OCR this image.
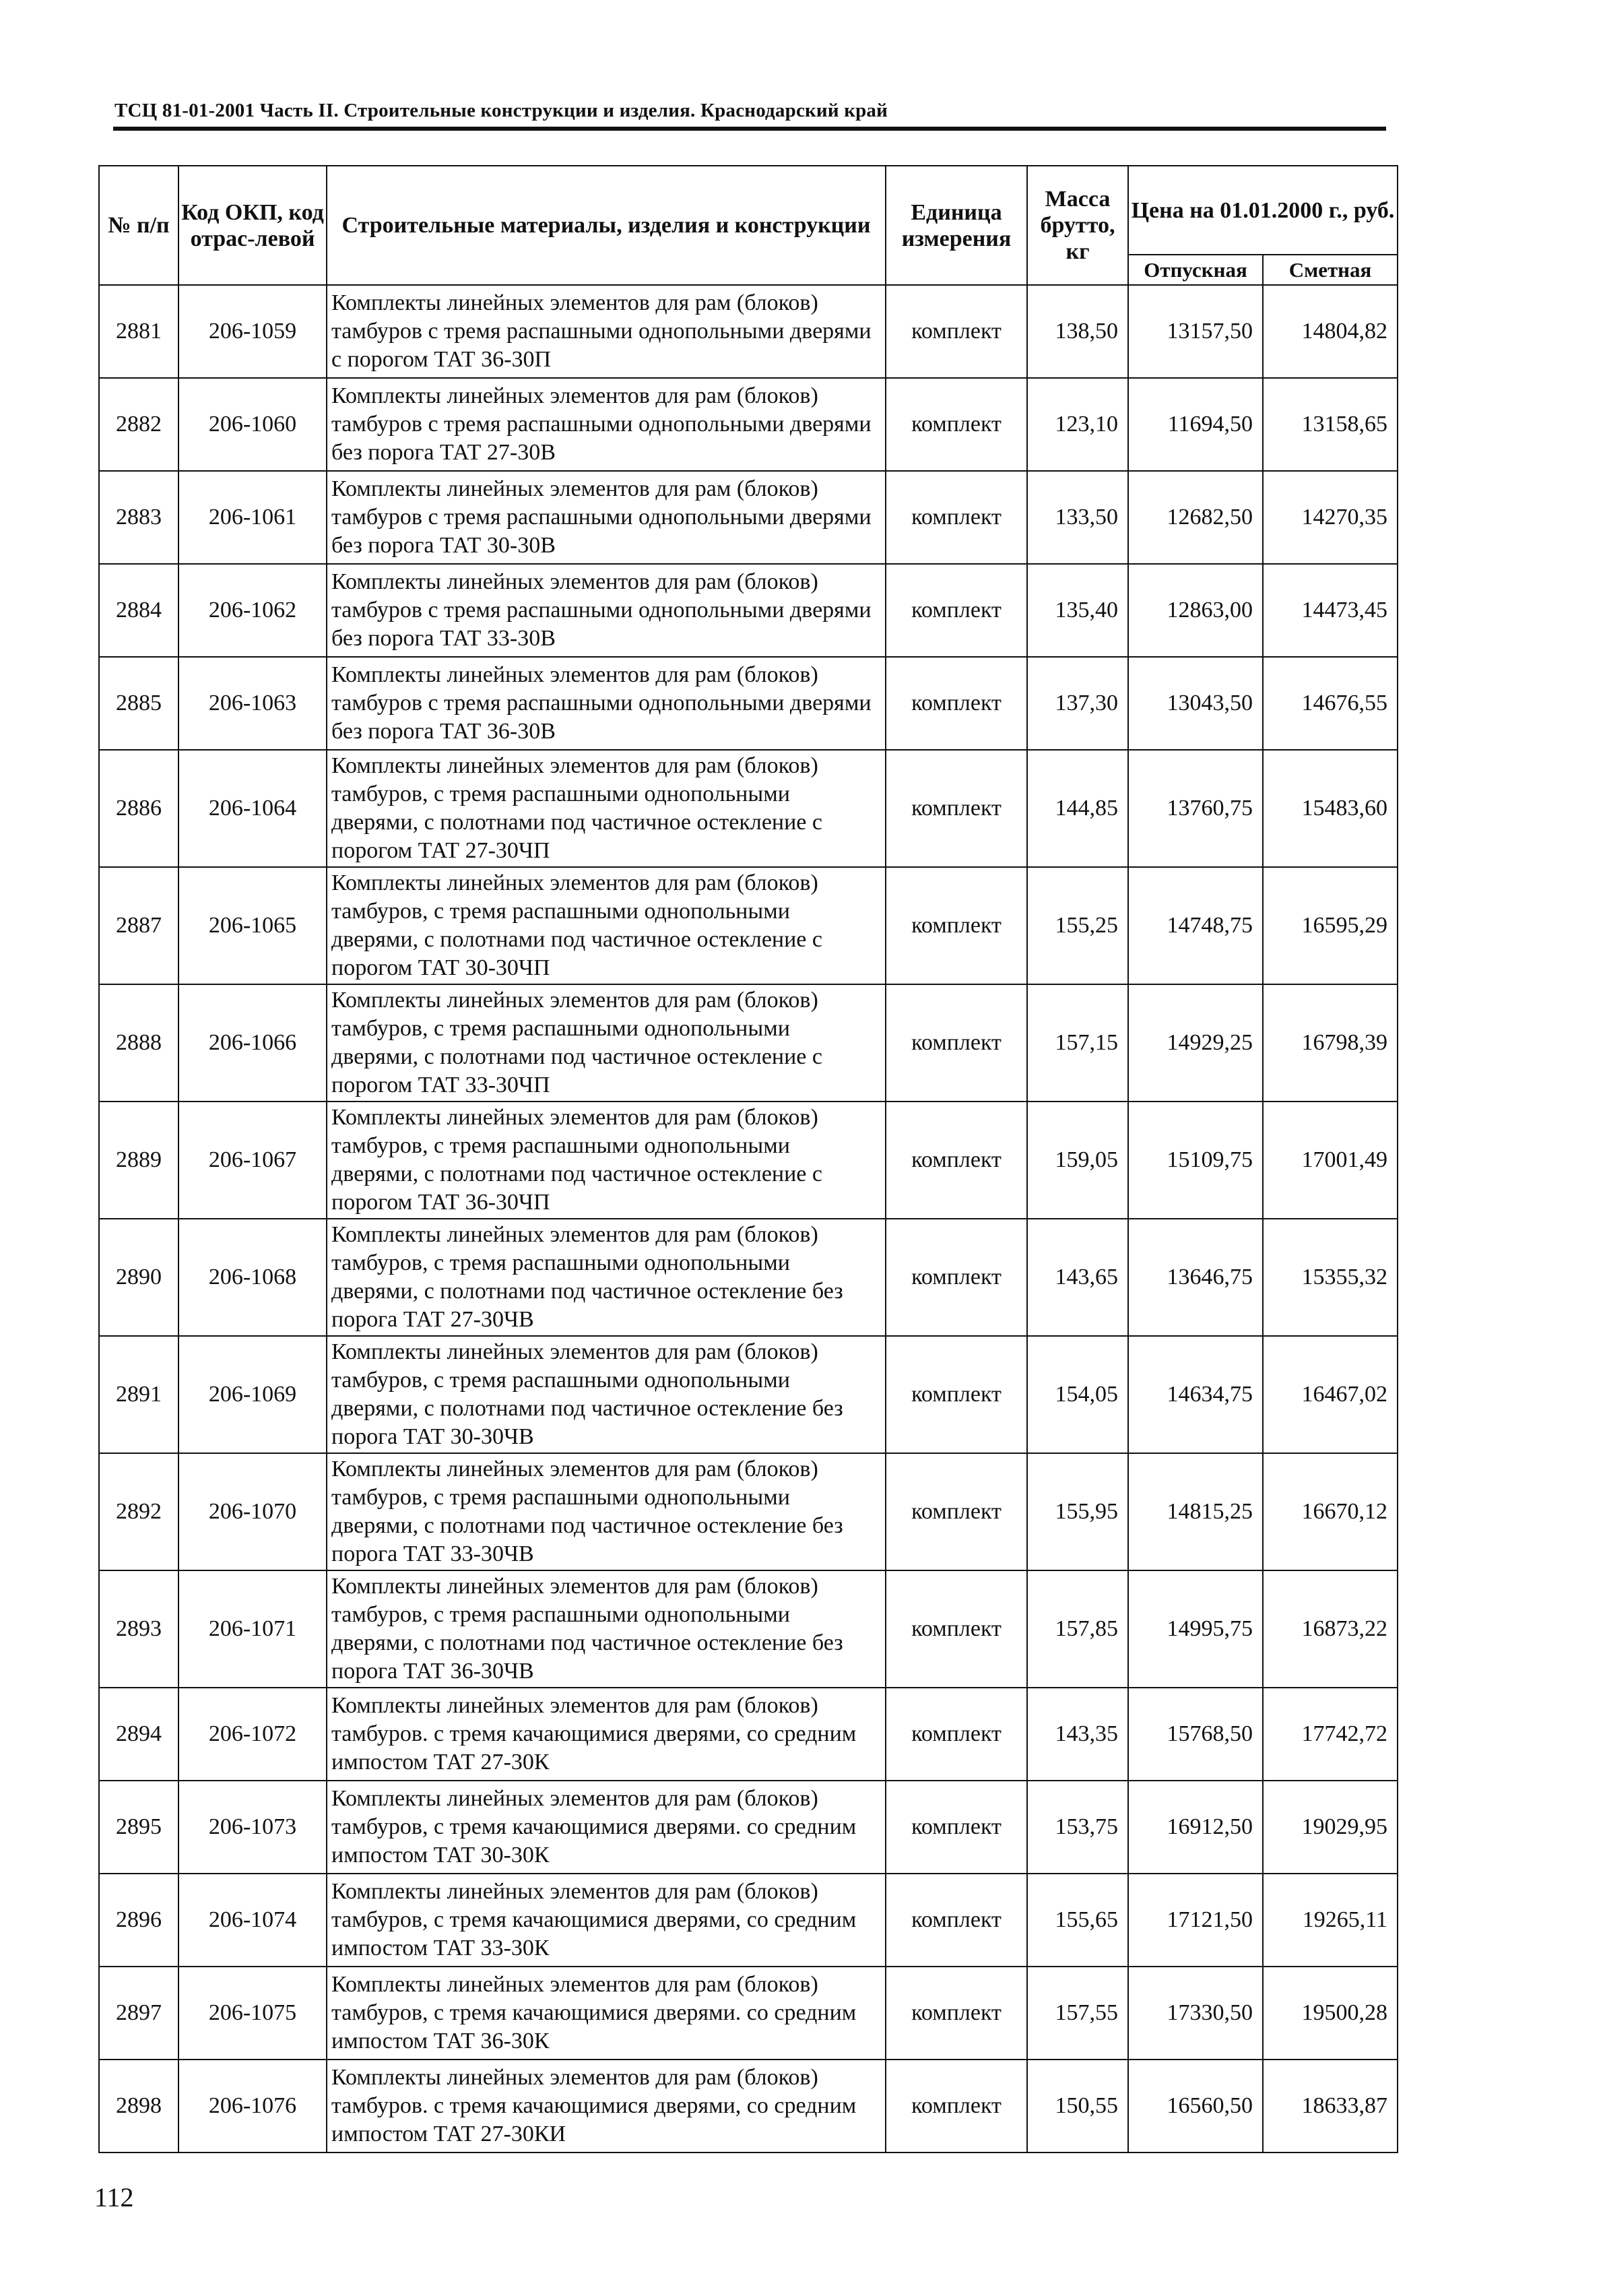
ТСЦ 81-01-2001 Часть II. Строительные конструкции и изделия. Краснодарский край
№ п/п	Код ОКП, код отрас-левой	Строительные материалы, изделия и конструкции	Единица измерения	Масса брутто, кг	Цена на 01.01.2000 г., руб.	
					Отпускная	Сметная
2881	206-1059	Комплекты линейных элементов для рам (блоков) тамбуров с тремя распашными однопольными дверями с порогом ТАТ 36-30П	комплект	138,50	13157,50	14804,82
2882	206-1060	Комплекты линейных элементов для рам (блоков) тамбуров с тремя распашными однопольными дверями без порога ТАТ 27-30В	комплект	123,10	11694,50	13158,65
2883	206-1061	Комплекты линейных элементов для рам (блоков) тамбуров с тремя распашными однопольными дверями без порога ТАТ 30-30В	комплект	133,50	12682,50	14270,35
2884	206-1062	Комплекты линейных элементов для рам (блоков) тамбуров с тремя распашными однопольными дверями без порога ТАТ 33-30В	комплект	135,40	12863,00	14473,45
2885	206-1063	Комплекты линейных элементов для рам (блоков) тамбуров с тремя распашными однопольными дверями без порога ТАТ 36-30В	комплект	137,30	13043,50	14676,55
2886	206-1064	Комплекты линейных элементов для рам (блоков) тамбуров, с тремя распашными однопольными дверями, с полотнами под частичное остекление с порогом ТАТ 27-30ЧП	комплект	144,85	13760,75	15483,60
2887	206-1065	Комплекты линейных элементов для рам (блоков) тамбуров, с тремя распашными однопольными дверями, с полотнами под частичное остекление с порогом ТАТ 30-30ЧП	комплект	155,25	14748,75	16595,29
2888	206-1066	Комплекты линейных элементов для рам (блоков) тамбуров, с тремя распашными однопольными дверями, с полотнами под частичное остекление с порогом ТАТ 33-30ЧП	комплект	157,15	14929,25	16798,39
2889	206-1067	Комплекты линейных элементов для рам (блоков) тамбуров, с тремя распашными однопольными дверями, с полотнами под частичное остекление с порогом ТАТ 36-30ЧП	комплект	159,05	15109,75	17001,49
2890	206-1068	Комплекты линейных элементов для рам (блоков) тамбуров, с тремя распашными однопольными дверями, с полотнами под частичное остекление без порога ТАТ 27-30ЧВ	комплект	143,65	13646,75	15355,32
2891	206-1069	Комплекты линейных элементов для рам (блоков) тамбуров, с тремя распашными однопольными дверями, с полотнами под частичное остекление без порога ТАТ 30-30ЧВ	комплект	154,05	14634,75	16467,02
2892	206-1070	Комплекты линейных элементов для рам (блоков) тамбуров, с тремя распашными однопольными дверями, с полотнами под частичное остекление без порога ТАТ 33-30ЧВ	комплект	155,95	14815,25	16670,12
2893	206-1071	Комплекты линейных элементов для рам (блоков) тамбуров, с тремя распашными однопольными дверями, с полотнами под частичное остекление без порога ТАТ 36-30ЧВ	комплект	157,85	14995,75	16873,22
2894	206-1072	Комплекты линейных элементов для рам (блоков) тамбуров. с тремя качающимися дверями, со средним импостом ТАТ 27-30К	комплект	143,35	15768,50	17742,72
2895	206-1073	Комплекты линейных элементов для рам (блоков) тамбуров, с тремя качающимися дверями. со средним импостом ТАТ 30-30К	комплект	153,75	16912,50	19029,95
2896	206-1074	Комплекты линейных элементов для рам (блоков) тамбуров, с тремя качающимися дверями, со средним импостом ТАТ 33-30К	комплект	155,65	17121,50	19265,11
2897	206-1075	Комплекты линейных элементов для рам (блоков) тамбуров, с тремя качающимися дверями. со средним импостом ТАТ 36-30К	комплект	157,55	17330,50	19500,28
2898	206-1076	Комплекты линейных элементов для рам (блоков) тамбуров. с тремя качающимися дверями, со средним импостом ТАТ 27-30КИ	комплект	150,55	16560,50	18633,87
112
